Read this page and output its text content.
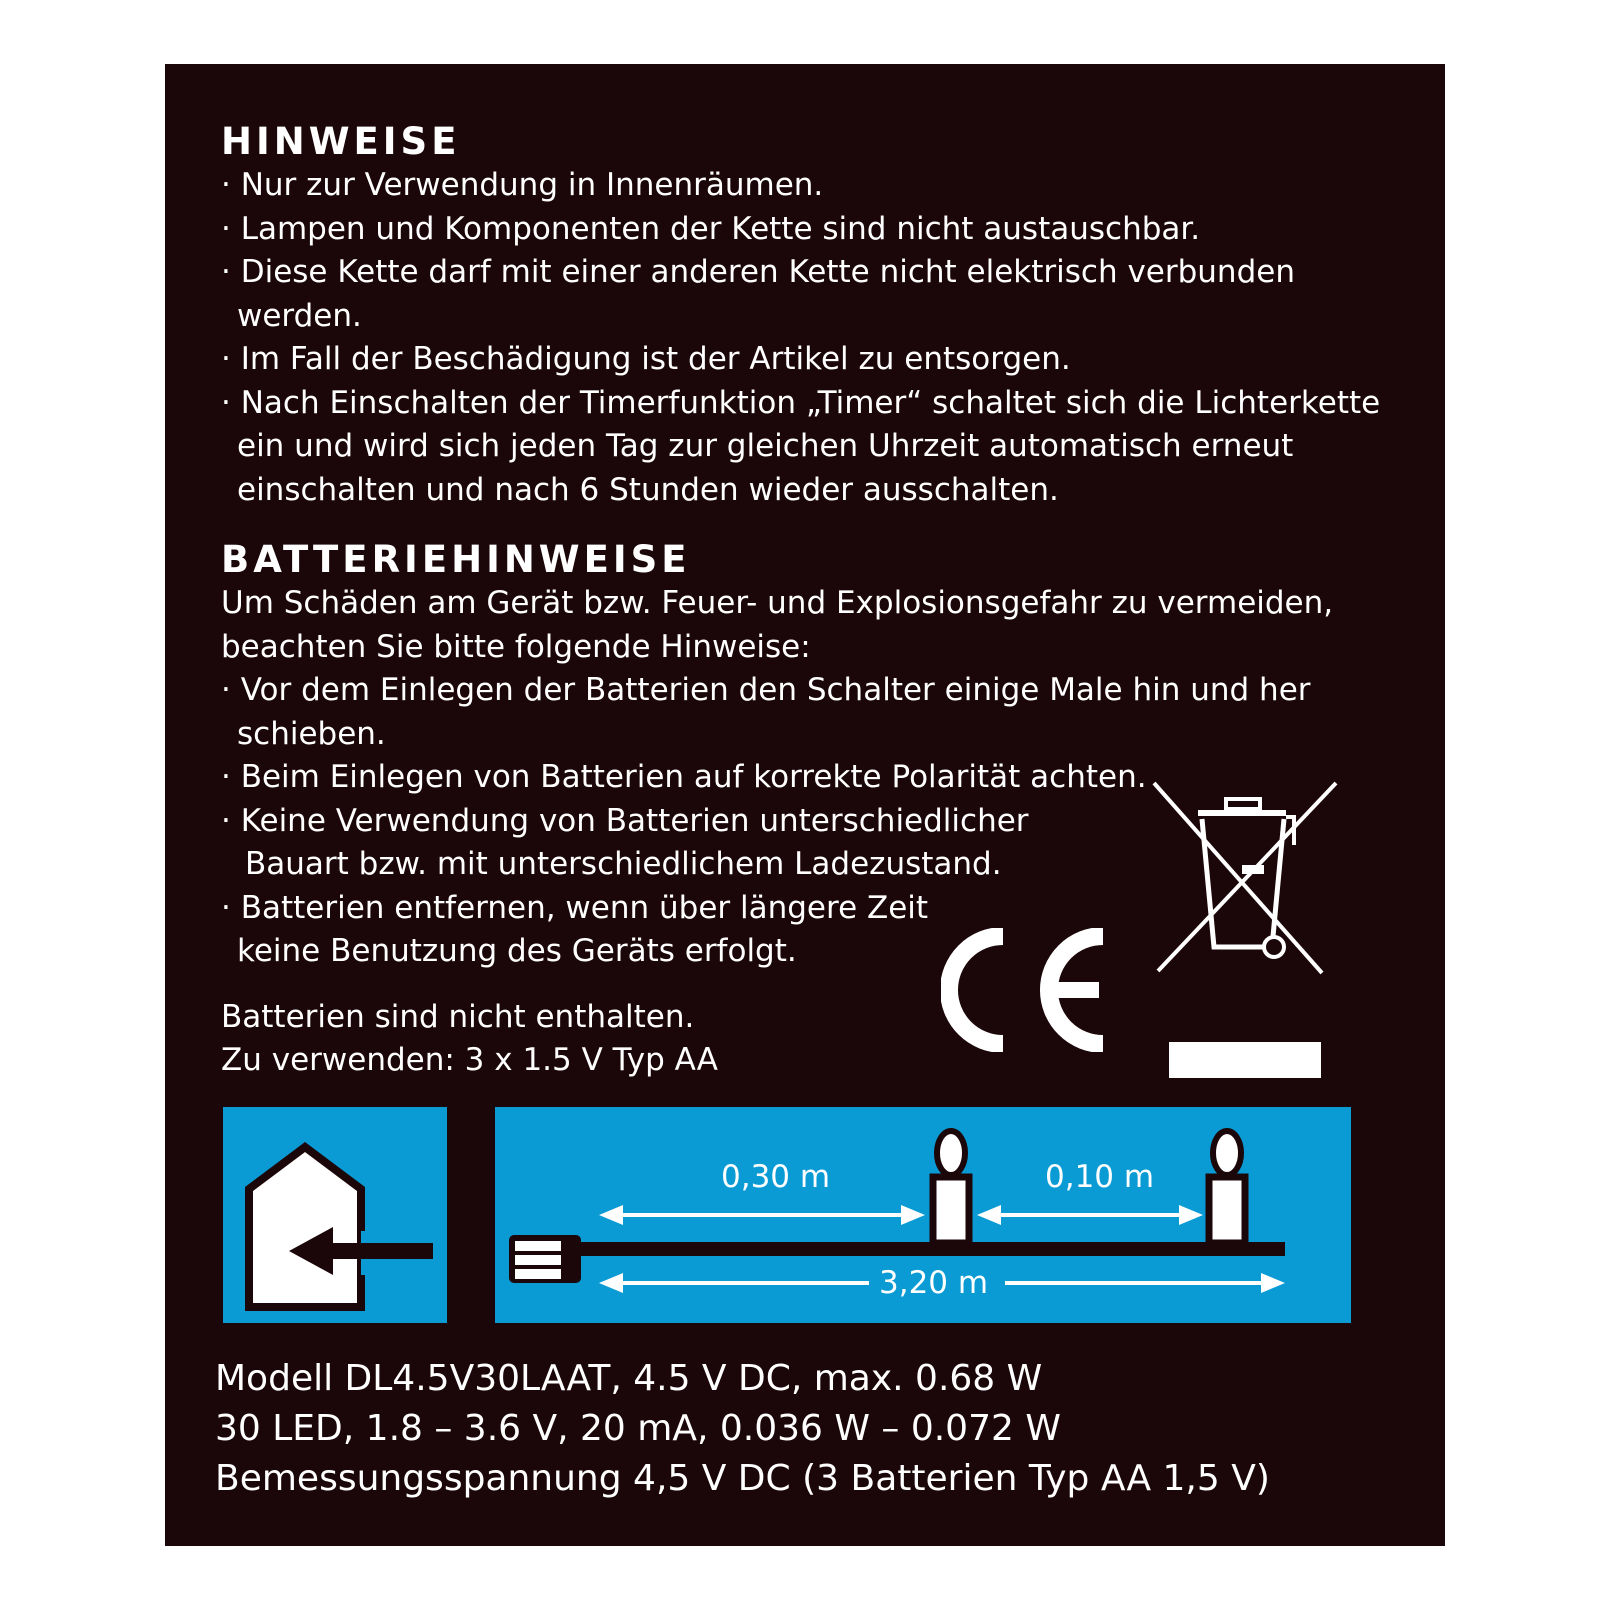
HINWEISE
· Nur zur Verwendung in Innenräumen.
· Lampen und Komponenten der Kette sind nicht austauschbar.
· Diese Kette darf mit einer anderen Kette nicht elektrisch verbunden
werden.
· Im Fall der Beschädigung ist der Artikel zu entsorgen.
· Nach Einschalten der Timerfunktion „Timer“ schaltet sich die Lichterkette
ein und wird sich jeden Tag zur gleichen Uhrzeit automatisch erneut
einschalten und nach 6 Stunden wieder ausschalten.
BATTERIEHINWEISE
Um Schäden am Gerät bzw. Feuer- und Explosionsgefahr zu vermeiden,
beachten Sie bitte folgende Hinweise:
· Vor dem Einlegen der Batterien den Schalter einige Male hin und her
schieben.
· Beim Einlegen von Batterien auf korrekte Polarität achten.
· Keine Verwendung von Batterien unterschiedlicher
Bauart bzw. mit unterschiedlichem Ladezustand.
· Batterien entfernen, wenn über längere Zeit
keine Benutzung des Geräts erfolgt.
Batterien sind nicht enthalten.
Zu verwenden: 3 x 1.5 V Typ AA
0,30 m	0,10 m
3,20 m
Modell DL4.5V30LAAT, 4.5 V DC, max. 0.68 W
30 LED, 1.8 – 3.6 V, 20 mA, 0.036 W – 0.072 W
Bemessungsspannung 4,5 V DC (3 Batterien Typ AA 1,5 V)
